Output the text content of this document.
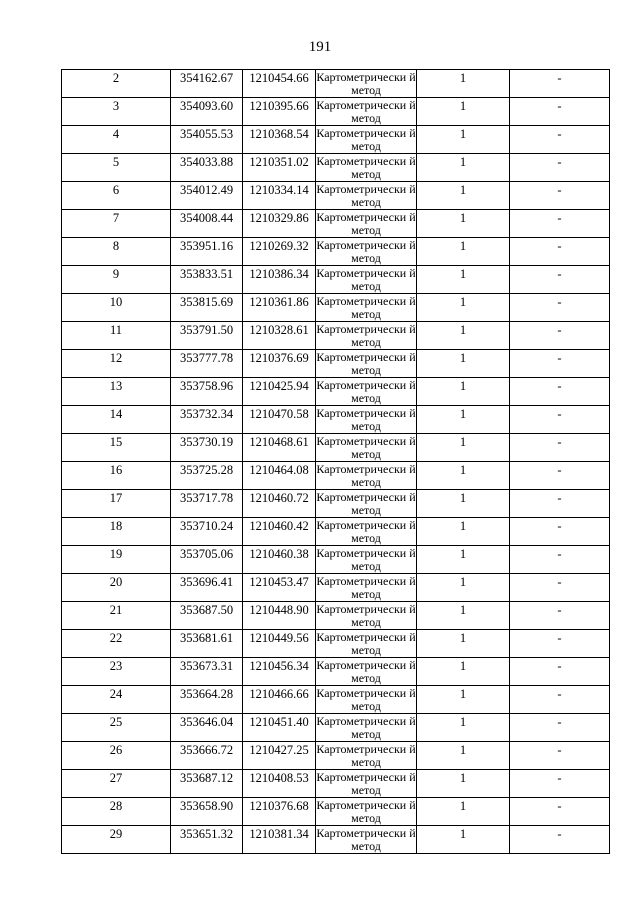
191
2	354162.67	1210454.66	Картометрически й метод	1	-

3	354093.60	1210395.66	Картометрически й метод	1	-

4	354055.53	1210368.54	Картометрически й метод	1	-

5	354033.88	1210351.02	Картометрически й метод	1	-

6	354012.49	1210334.14	Картометрически й метод	1	-

7	354008.44	1210329.86	Картометрически й метод	1	-

8	353951.16	1210269.32	Картометрически й метод	1	-

9	353833.51	1210386.34	Картометрически й метод	1	-

10	353815.69	1210361.86	Картометрически й метод	1	-

11	353791.50	1210328.61	Картометрически й метод	1	-

12	353777.78	1210376.69	Картометрически й метод	1	-

13	353758.96	1210425.94	Картометрически й метод	1	-

14	353732.34	1210470.58	Картометрически й метод	1	-

15	353730.19	1210468.61	Картометрически й метод	1	-

16	353725.28	1210464.08	Картометрически й метод	1	-

17	353717.78	1210460.72	Картометрически й метод	1	-

18	353710.24	1210460.42	Картометрически й метод	1	-

19	353705.06	1210460.38	Картометрически й метод	1	-

20	353696.41	1210453.47	Картометрически й метод	1	-

21	353687.50	1210448.90	Картометрически й метод	1	-

22	353681.61	1210449.56	Картометрически й метод	1	-

23	353673.31	1210456.34	Картометрически й метод	1	-

24	353664.28	1210466.66	Картометрически й метод	1	-

25	353646.04	1210451.40	Картометрически й метод	1	-

26	353666.72	1210427.25	Картометрически й метод	1	-

27	353687.12	1210408.53	Картометрически й метод	1	-

28	353658.90	1210376.68	Картометрически й метод	1	-

29	353651.32	1210381.34	Картометрически й метод	1	-
